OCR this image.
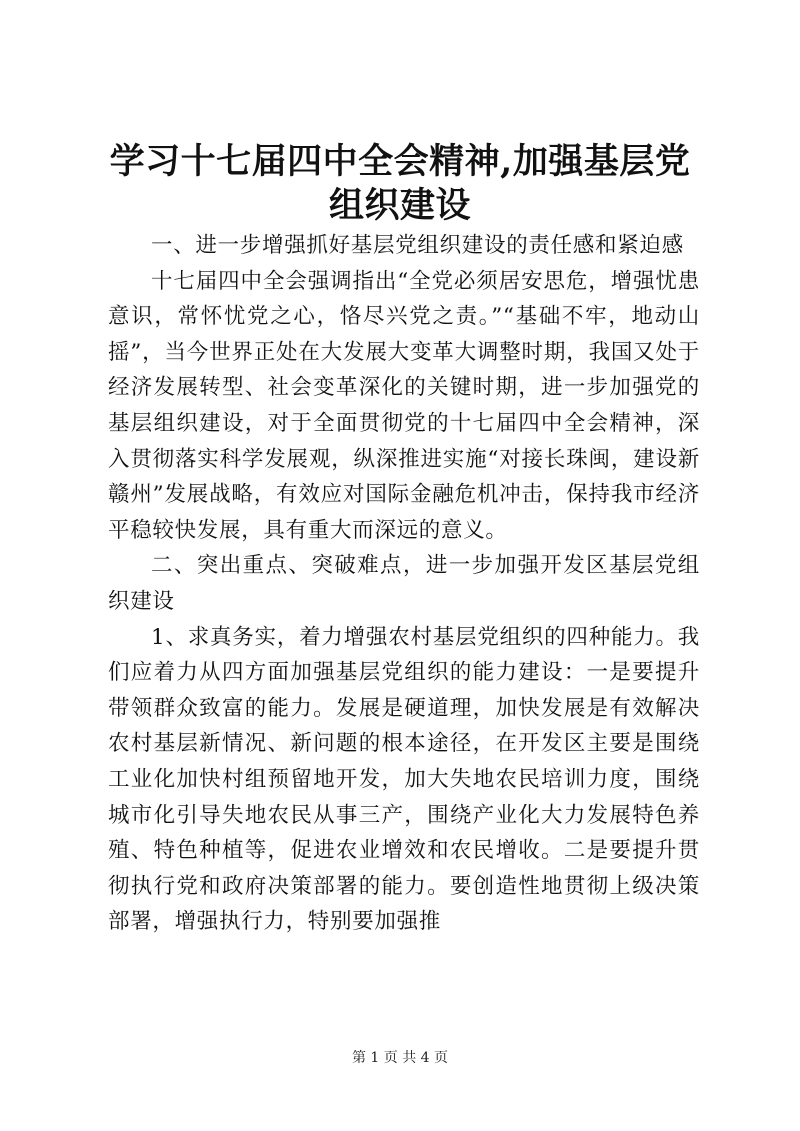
学习十七届四中全会精神,加强基层党组织建设

一、进一步增强抓好基层党组织建设的责任感和紧迫感

十七届四中全会强调指出“全党必须居安思危，增强忧患意识，常怀忧党之心，恪尽兴党之责。”“基础不牢，地动山摇”，当今世界正处在大发展大变革大调整时期，我国又处于经济发展转型、社会变革深化的关键时期，进一步加强党的基层组织建设，对于全面贯彻党的十七届四中全会精神，深入贯彻落实科学发展观，纵深推进实施“对接长珠闽，建设新赣州”发展战略，有效应对国际金融危机冲击，保持我市经济平稳较快发展，具有重大而深远的意义。

二、突出重点、突破难点，进一步加强开发区基层党组织建设

1、求真务实，着力增强农村基层党组织的四种能力。我们应着力从四方面加强基层党组织的能力建设：一是要提升带领群众致富的能力。发展是硬道理，加快发展是有效解决农村基层新情况、新问题的根本途径，在开发区主要是围绕工业化加快村组预留地开发，加大失地农民培训力度，围绕城市化引导失地农民从事三产，围绕产业化大力发展特色养殖、特色种植等，促进农业增效和农民增收。二是要提升贯彻执行党和政府决策部署的能力。要创造性地贯彻上级决策部署，增强执行力，特别要加强推

第 1 页 共 4 页
